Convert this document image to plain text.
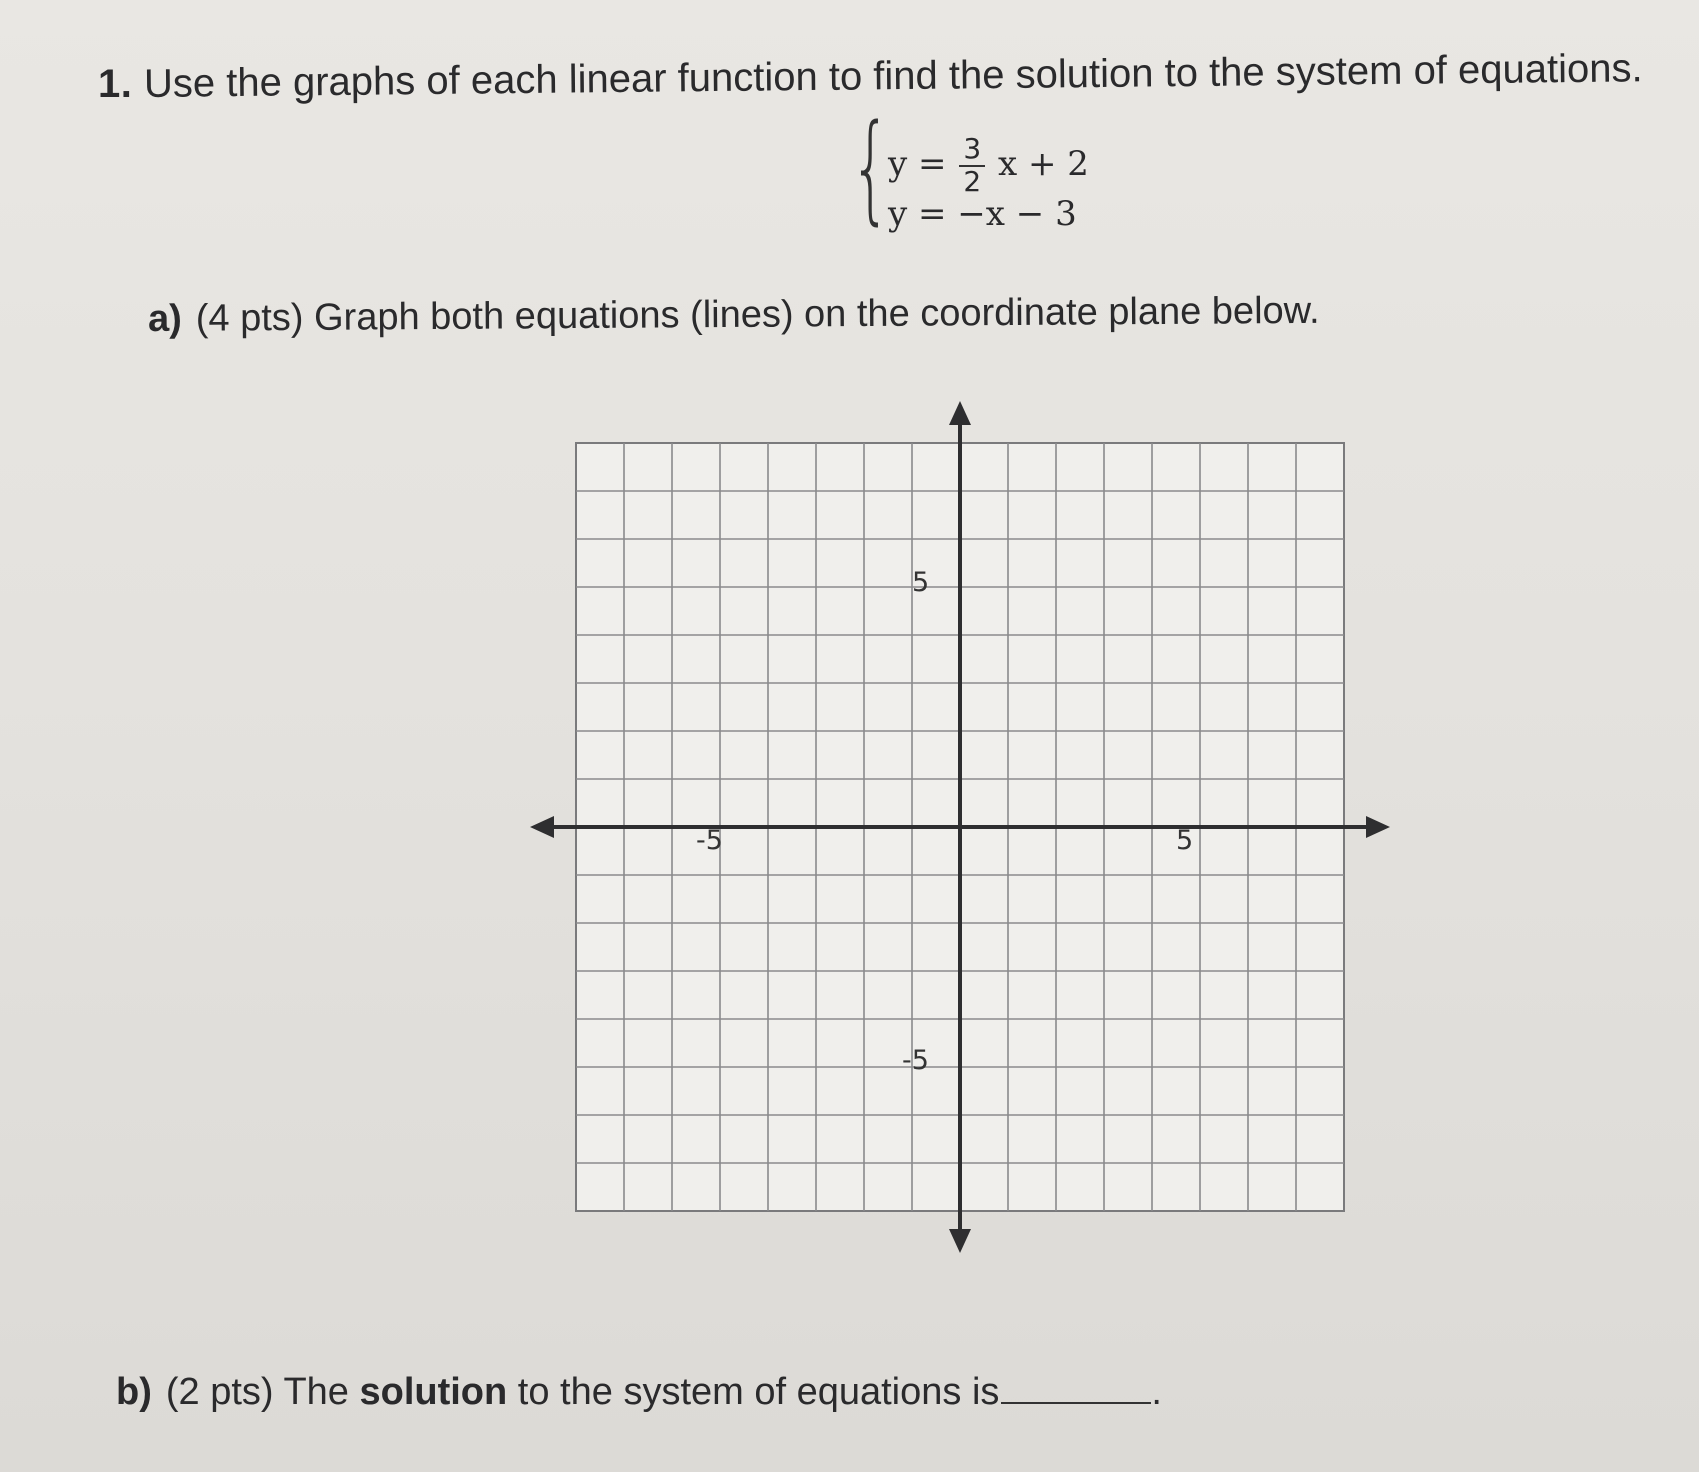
1. Use the graphs of each linear function to find the solution to the system of equations.
{
$y = \frac{3}{2}$ x + 2
y = −x − 3
a) (4 pts) Graph both equations (lines) on the coordinate plane below.
-5	5
5
-5
b) (2 pts) The solution to the system of equations is	.
